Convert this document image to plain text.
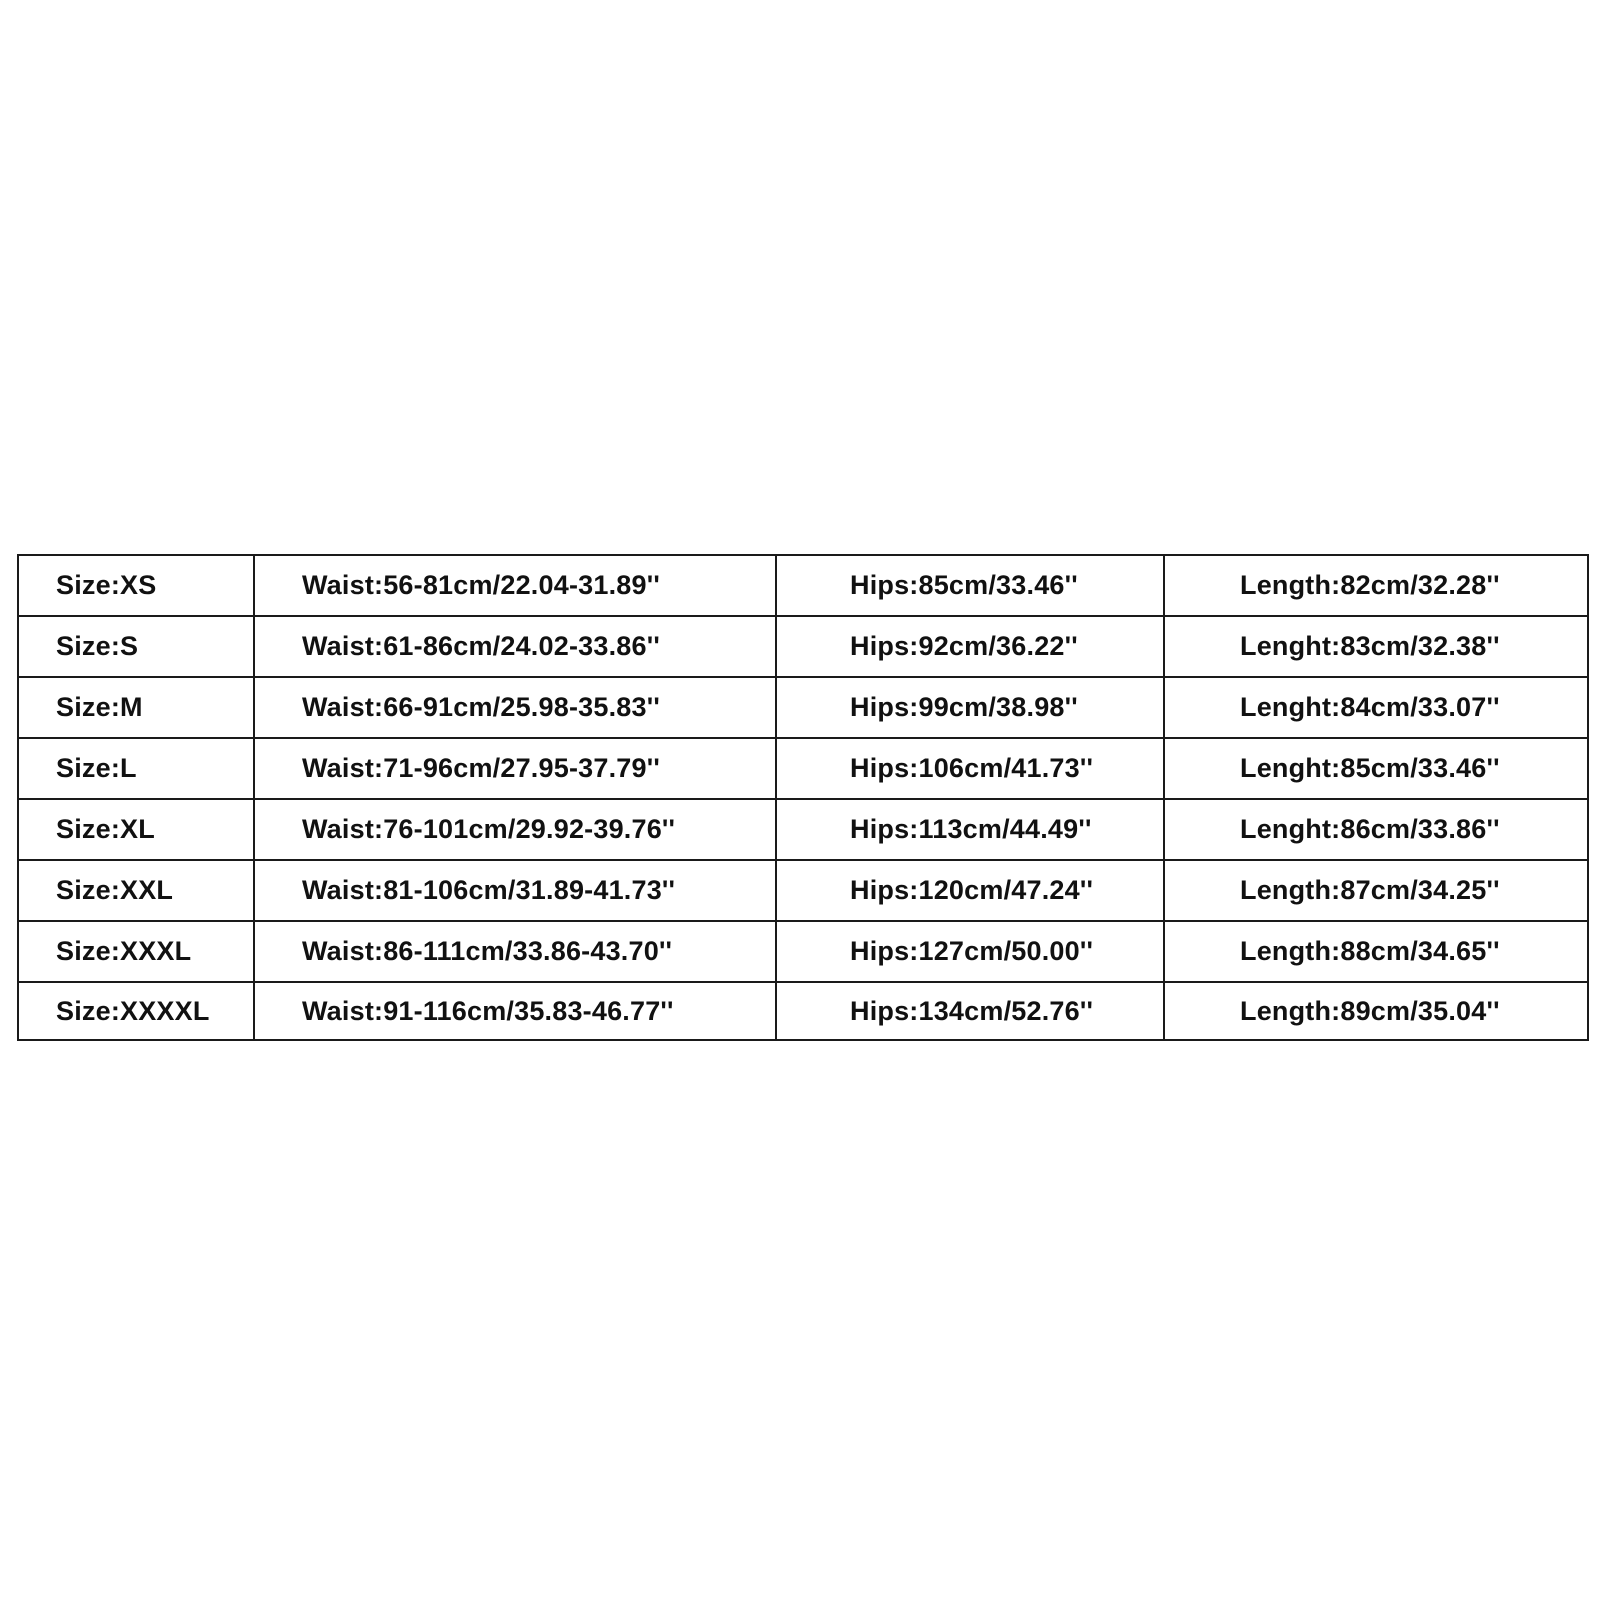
Size:XS	Waist:56-81cm/22.04-31.89''	Hips:85cm/33.46''	Length:82cm/32.28''
Size:S	Waist:61-86cm/24.02-33.86''	Hips:92cm/36.22''	Lenght:83cm/32.38''
Size:M	Waist:66-91cm/25.98-35.83''	Hips:99cm/38.98''	Lenght:84cm/33.07''
Size:L	Waist:71-96cm/27.95-37.79''	Hips:106cm/41.73''	Lenght:85cm/33.46''
Size:XL	Waist:76-101cm/29.92-39.76''	Hips:113cm/44.49''	Lenght:86cm/33.86''
Size:XXL	Waist:81-106cm/31.89-41.73''	Hips:120cm/47.24''	Length:87cm/34.25''
Size:XXXL	Waist:86-111cm/33.86-43.70''	Hips:127cm/50.00''	Length:88cm/34.65''
Size:XXXXL	Waist:91-116cm/35.83-46.77''	Hips:134cm/52.76''	Length:89cm/35.04''
